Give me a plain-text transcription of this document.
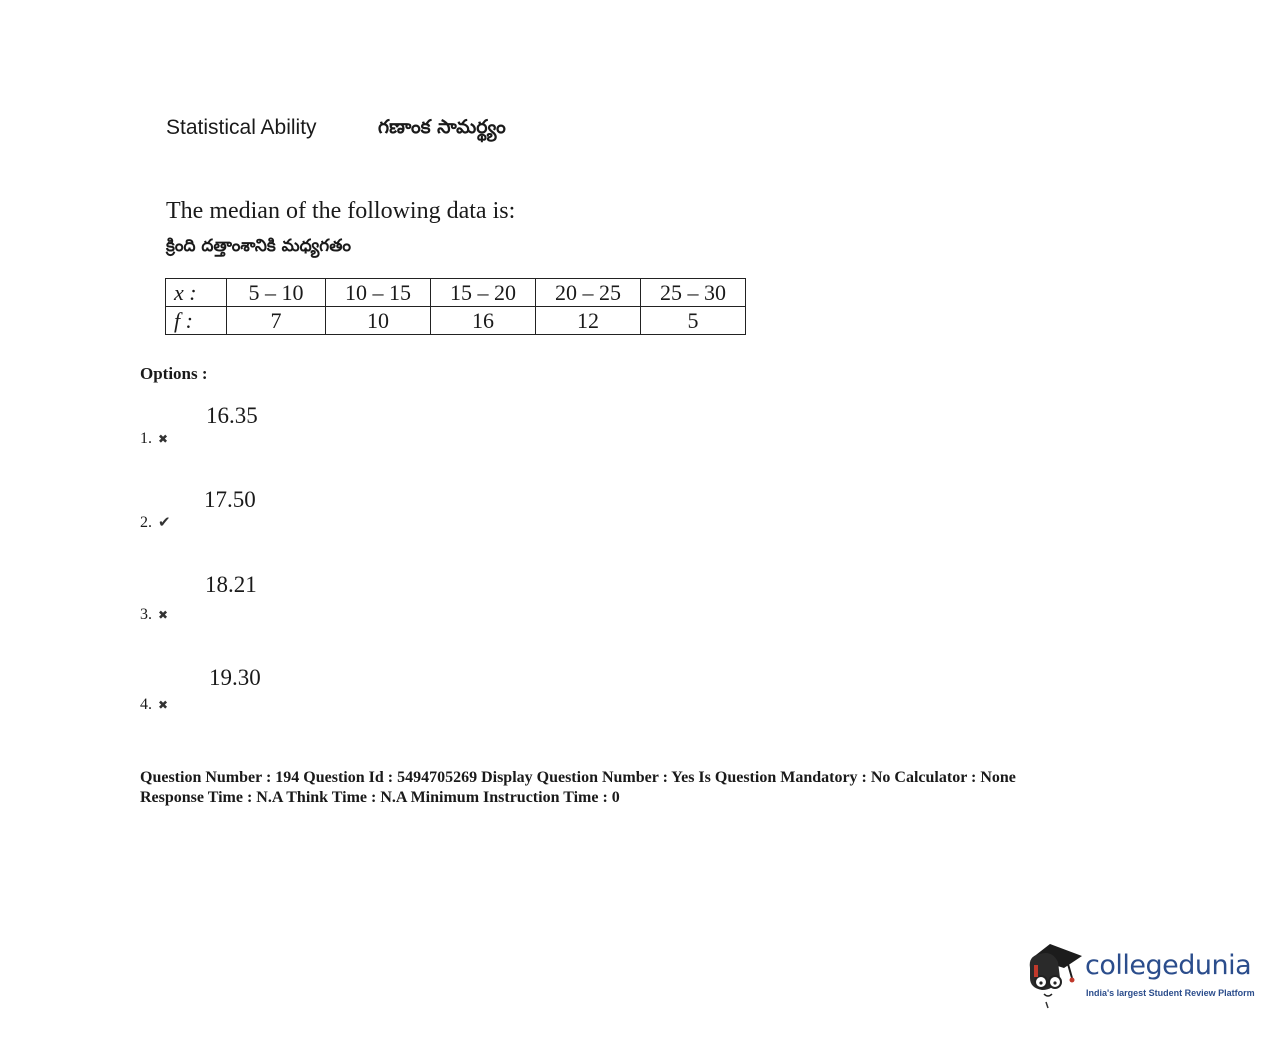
Statistical Ability	గణాంక సామర్థ్యం
The median of the following data is:
క్రింది దత్తాంశానికి మధ్యగతం
x :	5 – 10	10 – 15	15 – 20	20 – 25	25 – 30
f :	7	10	16	12	5
Options :
16.35
1. ✖
17.50
2. ✔
18.21
3. ✖
19.30
4. ✖
Question Number : 194 Question Id : 5494705269 Display Question Number : Yes Is Question Mandatory : No Calculator : None
Response Time : N.A Think Time : N.A Minimum Instruction Time : 0
collegedunia
India's largest Student Review Platform
